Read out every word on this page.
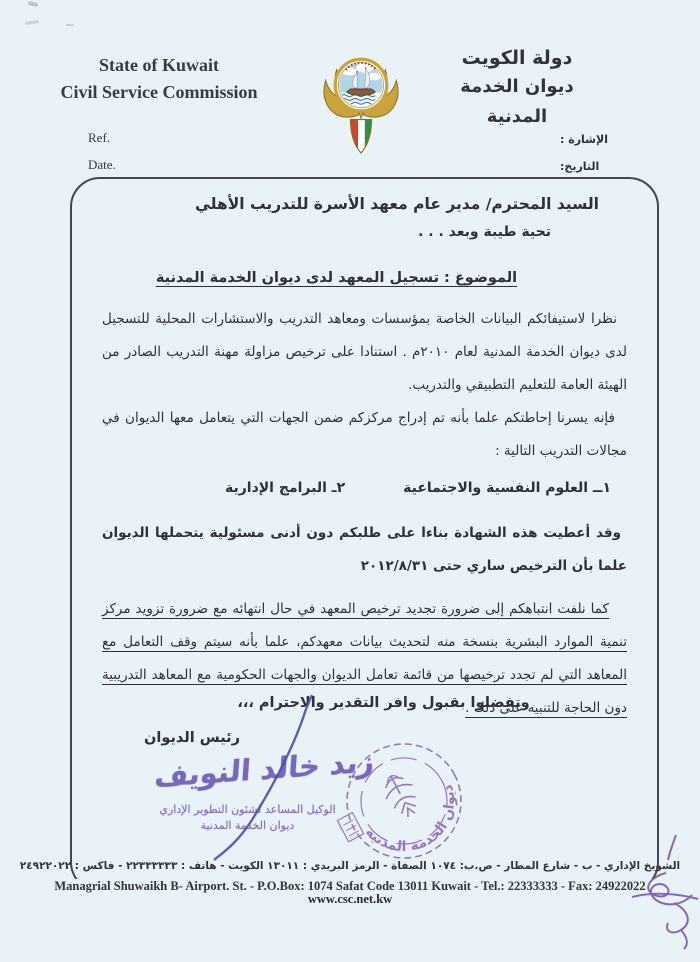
State of Kuwait
Civil Service Commission
دولة الكويت
ديوان الخدمة المدنية
Ref.
Date.
الإشارة :
التاريخ:
السيد المحترم/ مدير عام معهد الأسرة للتدريب الأهلي
تحية طيبة وبعد . . .
الموضوع : تسجيل المعهد لدى ديوان الخدمة المدنية
نظرا لاستيفائكم البيانات الخاصة بمؤسسات ومعاهد التدريب والاستشارات المحلية للتسجيل لدى ديوان الخدمة المدنية لعام ٢٠١٠م . استنادا على ترخيص مزاولة مهنة التدريب الصادر من الهيئة العامة للتعليم التطبيقي والتدريب.
فإنه يسرنا إحاطتكم علما بأنه تم إدراج مركزكم ضمن الجهات التي يتعامل معها الديوان في مجالات التدريب التالية :
١ــ العلوم النفسية والاجتماعية
٢ـ البرامج الإدارية
وقد أعطيت هذه الشهادة بناءا على طلبكم دون أدنى مسئولية يتحملها الديوان علما بأن الترخيص ساري حتى ٢٠١٢/٨/٣١
كما نلفت انتباهكم إلى ضرورة تجديد ترخيص المعهد في حال انتهائه مع ضرورة تزويد مركز تنمية الموارد البشرية بنسخة منه لتحديث بيانات معهدكم، علما بأنه سيتم وقف التعامل مع المعاهد التي لم تجدد ترخيصها من قائمة تعامل الديوان والجهات الحكومية مع المعاهد التدريبية دون الحاجة للتنبيه على ذلك .
وتفضلوا بقبول وافر التقدير والاحترام ،،،
رئيس الديوان
زيد خالد النويف
الوكيل المساعد لشئون التطوير الإداري
ديوان الخدمة المدنية	ديوان الخدمة المدنية
الشويخ الإداري - ب - شارع المطار - ص.ب: ١٠٧٤ الصفاة - الرمز البريدي : ١٣٠١١ الكويت - هاتف : ٢٢٣٣٣٣٣٣ - فاكس : ٢٤٩٢٢٠٢٢
Managrial Shuwaikh B- Airport. St. - P.O.Box: 1074 Safat Code 13011 Kuwait - Tel.: 22333333 - Fax: 24922022
www.csc.net.kw
